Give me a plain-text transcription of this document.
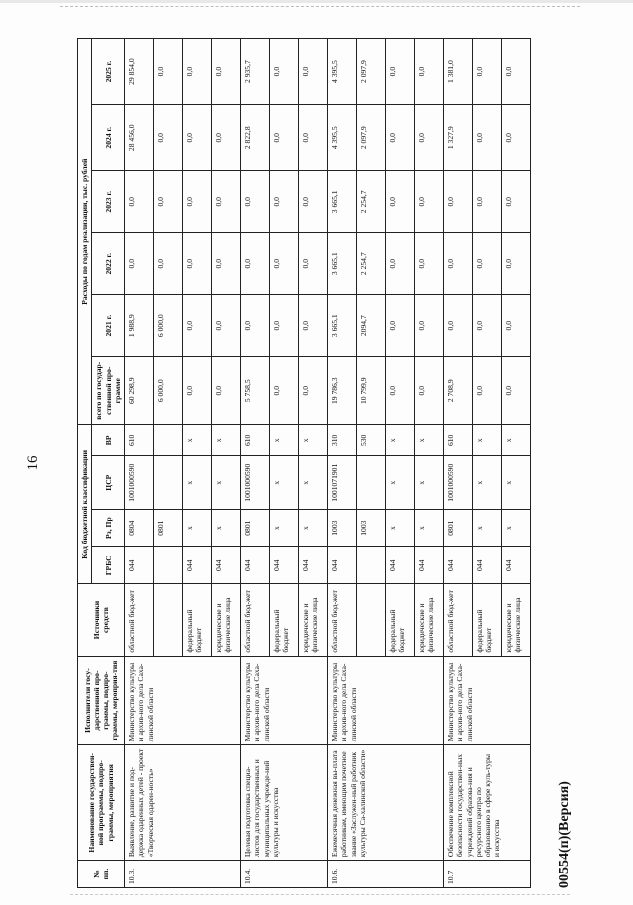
16
№ пп.	Наименование государствен-ной программы, подпро-граммы, мероприятия	Исполнители госу-дарственной про-граммы, подпро-граммы, мероприя-тия	Источники средств	Код бюджетной классификации				Расходы по годам реализации, тыс. рублей					
				ГРБС	Рз, Пр	ЦСР	ВР	всего по государ-ственной про-грамме	2021 г.	2022 г.	2023 г.	2024 г.	2025 г.
10.3.	Выявление, развитие и под-держка одаренных детей - проект «Творческая одарен-ность»	Министерство культуры и архив-ного дела Саха-линской области	областной бюд-жет	044	0804	1001000590	610	60 298,9	1 988,9	0,0	0,0	28 456,0	29 854,0
					0801			6 000,0	6 000,0	0,0	0,0	0,0	0,0
			федеральный бюджет	044	х	х	х	0,0	0,0	0,0	0,0	0,0	0,0
			юридические и физические лица	044	х	х	х	0,0	0,0	0,0	0,0	0,0	0,0
10.4.	Целевая подготовка специа-листов для государственных и муниципальных учрежде-ний культуры и искусства	Министерство культуры и архив-ного дела Саха-линской области	областной бюд-жет	044	0801	1001000590	610	5 758,5	0,0	0,0	0,0	2 822,8	2 935,7
			федеральный бюджет	044	х	х	х	0,0	0,0	0,0	0,0	0,0	0,0
			юридические и физические лица	044	х	х	х	0,0	0,0	0,0	0,0	0,0	0,0
10.6.	Ежемесячная денежная вы-плата работникам, имеющим почетное звание «Заслужен-ный работник культуры Са-халинской области»	Министерство культуры и архив-ного дела Саха-линской области	областной бюд-жет	044	1003	1001071901	310	19 786,3	3 665,1	3 665,1	3 665,1	4 395,5	4 395,5
					1003		530	10 799,9	2094,7	2 254,7	2 254,7	2 097,9	2 097,9
			федеральный бюджет	044	х	х	х	0,0	0,0	0,0	0,0	0,0	0,0
			юридические и физические лица	044	х	х	х	0,0	0,0	0,0	0,0	0,0	0,0
10.7	Обеспечение комплексной безопасности государствен-ных учреждений образова-ния и ресурсного центра по образованию в сфере куль-туры и искусства	Министерство культуры и архив-ного дела Саха-линской области	областной бюд-жет	044	0801	1001000590	610	2 708,9	0,0	0,0	0,0	1 327,9	1 381,0
			федеральный бюджет	044	х	х	х	0,0	0,0	0,0	0,0	0,0	0,0
			юридические и физические лица	044	х	х	х	0,0	0,0	0,0	0,0	0,0	0,0
00554(п)(Версия)
